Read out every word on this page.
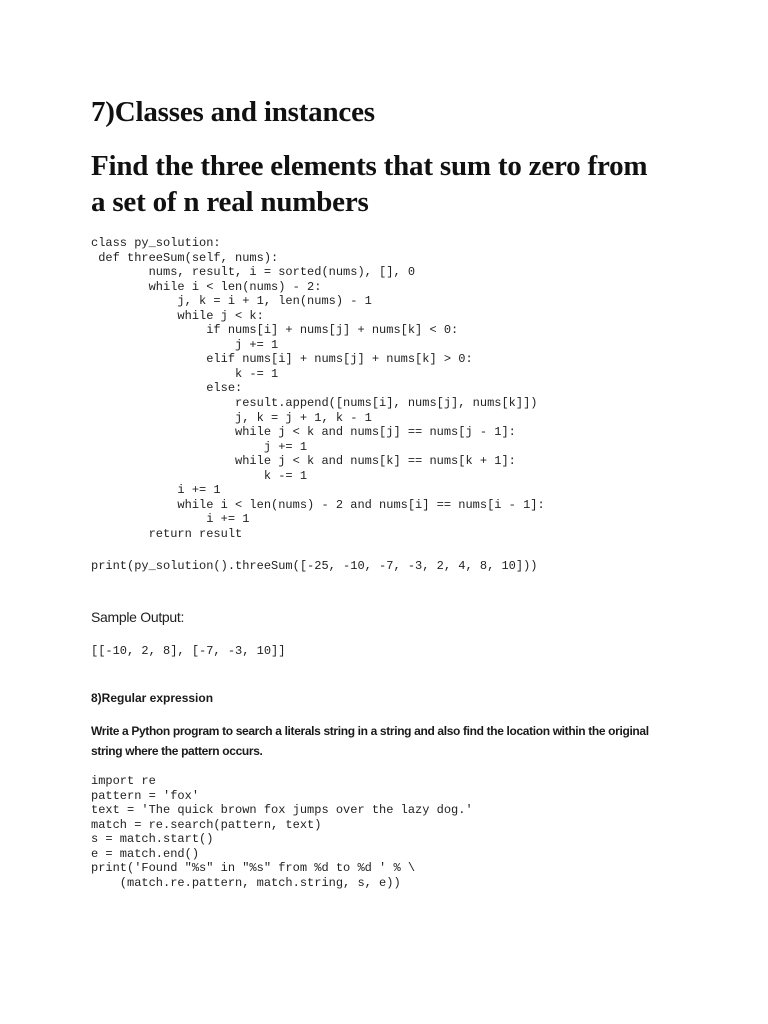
7)Classes and instances
Find the three elements that sum to zero from
a set of n real numbers
class py_solution:
def threeSum(self, nums):
nums, result, i = sorted(nums), [], 0
while i < len(nums) - 2:
j, k = i + 1, len(nums) - 1
while j < k:
if nums[i] + nums[j] + nums[k] < 0:
j += 1
elif nums[i] + nums[j] + nums[k] > 0:
k -= 1
else:
result.append([nums[i], nums[j], nums[k]])
j, k = j + 1, k - 1
while j < k and nums[j] == nums[j - 1]:
j += 1
while j < k and nums[k] == nums[k + 1]:
k -= 1
i += 1
while i < len(nums) - 2 and nums[i] == nums[i - 1]:
i += 1
return result
print(py_solution().threeSum([-25, -10, -7, -3, 2, 4, 8, 10]))

Sample Output:

[[-10, 2, 8], [-7, -3, 10]]
8)Regular expression

Write a Python program to search a literals string in a string and also find the location within the original
string where the pattern occurs.

import re
pattern = 'fox'
text = 'The quick brown fox jumps over the lazy dog.'
match = re.search(pattern, text)
s = match.start()
e = match.end()
print('Found "%s" in "%s" from %d to %d ' % \
(match.re.pattern, match.string, s, e))
